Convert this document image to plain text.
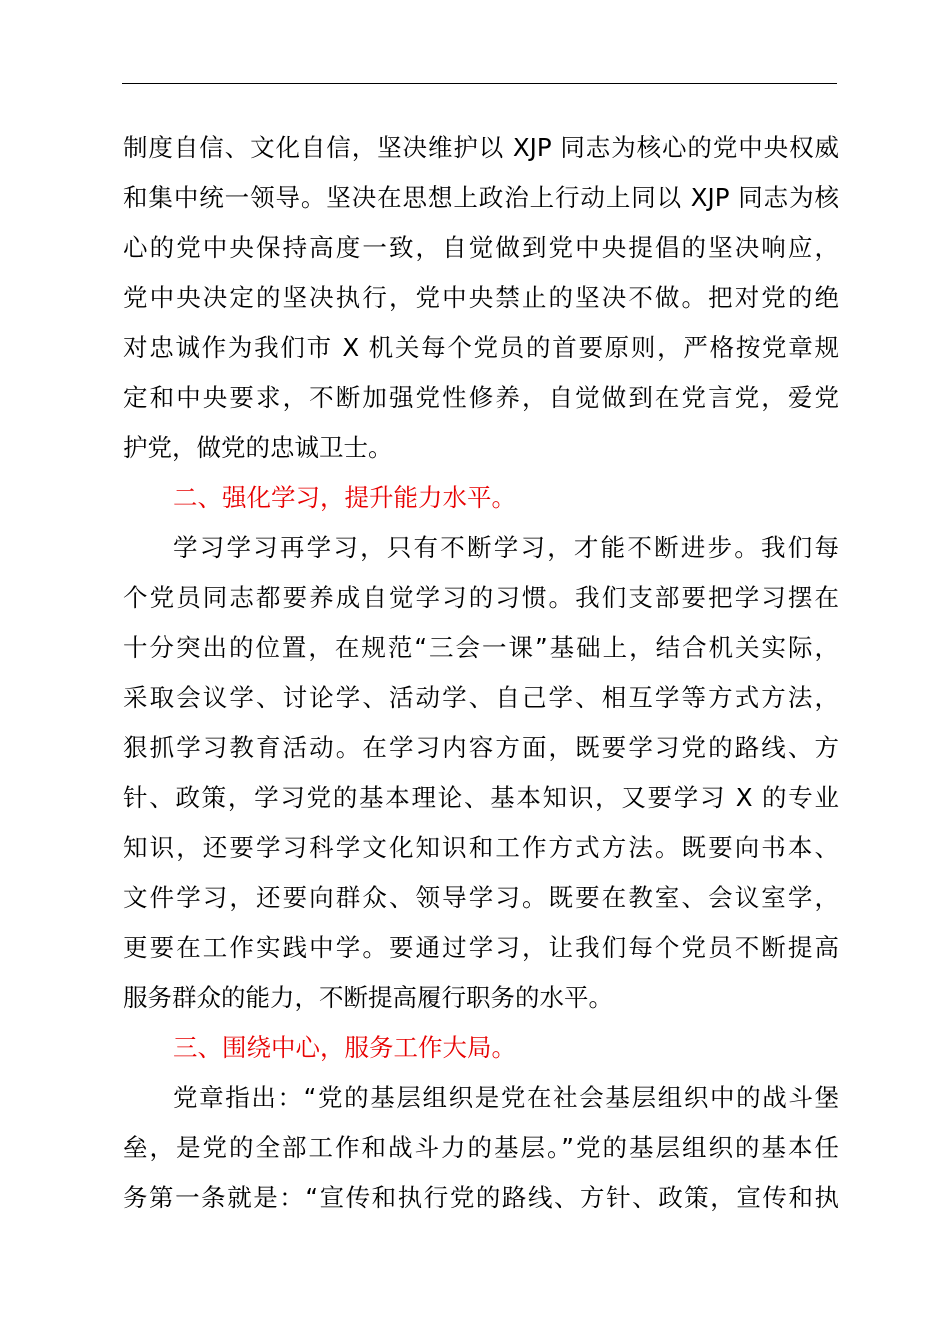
制度自信、文化自信，坚决维护以 XJP 同志为核心的党中央权威
和集中统一领导。坚决在思想上政治上行动上同以 XJP 同志为核
心的党中央保持高度一致，自觉做到党中央提倡的坚决响应，
党中央决定的坚决执行，党中央禁止的坚决不做。把对党的绝
对忠诚作为我们市 X 机关每个党员的首要原则，严格按党章规
定和中央要求，不断加强党性修养，自觉做到在党言党，爱党
护党，做党的忠诚卫士。
二、强化学习，提升能力水平。
学习学习再学习，只有不断学习，才能不断进步。我们每
个党员同志都要养成自觉学习的习惯。我们支部要把学习摆在
十分突出的位置，在规范“三会一课”基础上，结合机关实际，
采取会议学、讨论学、活动学、自己学、相互学等方式方法，
狠抓学习教育活动。在学习内容方面，既要学习党的路线、方
针、政策，学习党的基本理论、基本知识，又要学习 X 的专业
知识，还要学习科学文化知识和工作方式方法。既要向书本、
文件学习，还要向群众、领导学习。既要在教室、会议室学，
更要在工作实践中学。要通过学习，让我们每个党员不断提高
服务群众的能力，不断提高履行职务的水平。
三、围绕中心，服务工作大局。
党章指出：“党的基层组织是党在社会基层组织中的战斗堡
垒，是党的全部工作和战斗力的基层。”党的基层组织的基本任
务第一条就是：“宣传和执行党的路线、方针、政策，宣传和执
